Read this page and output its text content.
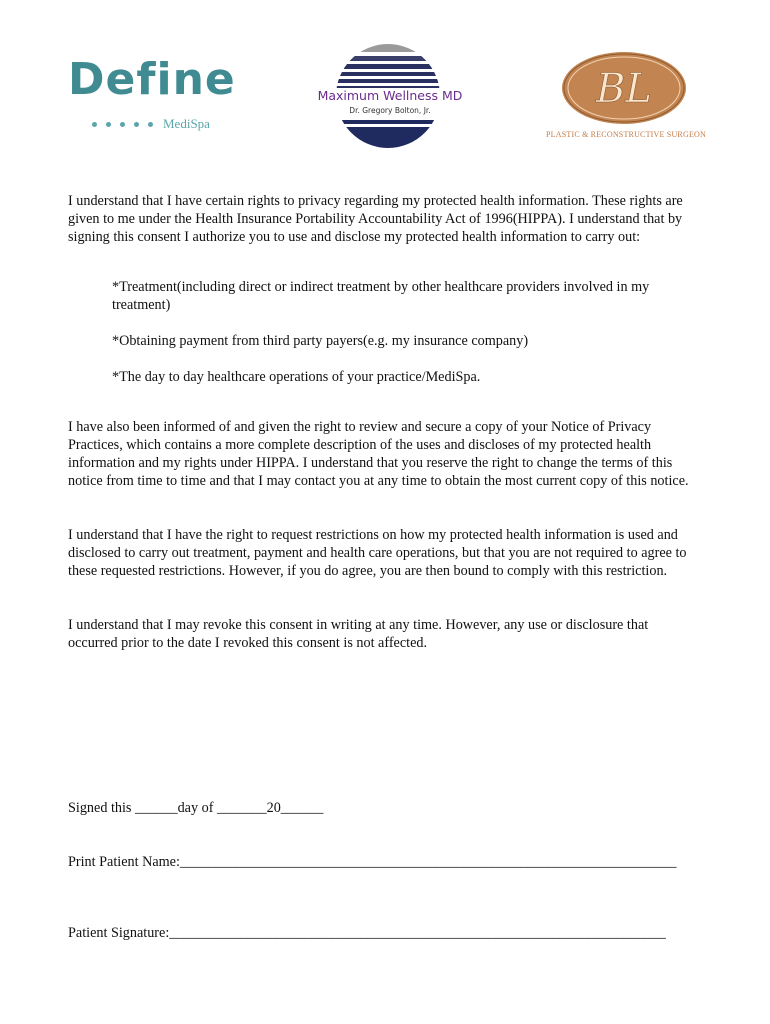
Define
MediSpa
Maximum Wellness MD
Dr. Gregory Bolton, Jr.	BL
PLASTIC & RECONSTRUCTIVE SURGEON

I understand that I have certain rights to privacy regarding my protected health information. These rights are given to me under the Health Insurance Portability Accountability Act of 1996(HIPPA). I understand that by signing this consent I authorize you to use and disclose my protected health information to carry out:

*Treatment(including direct or indirect treatment by other healthcare providers involved in my treatment)

*Obtaining payment from third party payers(e.g. my insurance company)

*The day to day healthcare operations of your practice/MediSpa.

I have also been informed of and given the right to review and secure a copy of your Notice of Privacy Practices, which contains a more complete description of the uses and discloses of my protected health information and my rights under HIPPA. I understand that you reserve the right to change the terms of this notice from time to time and that I may contact you at any time to obtain the most current copy of this notice.

I understand that I have the right to request restrictions on how my protected health information is used and disclosed to carry out treatment, payment and health care operations, but that you are not required to agree to these requested restrictions. However, if you do agree, you are then bound to comply with this restriction.

I understand that I may revoke this consent in writing at any time. However, any use or disclosure that occurred prior to the date I revoked this consent is not affected.

Signed this ______day of _______20______
Print Patient Name:______________________________________________________________________
Patient Signature:______________________________________________________________________
